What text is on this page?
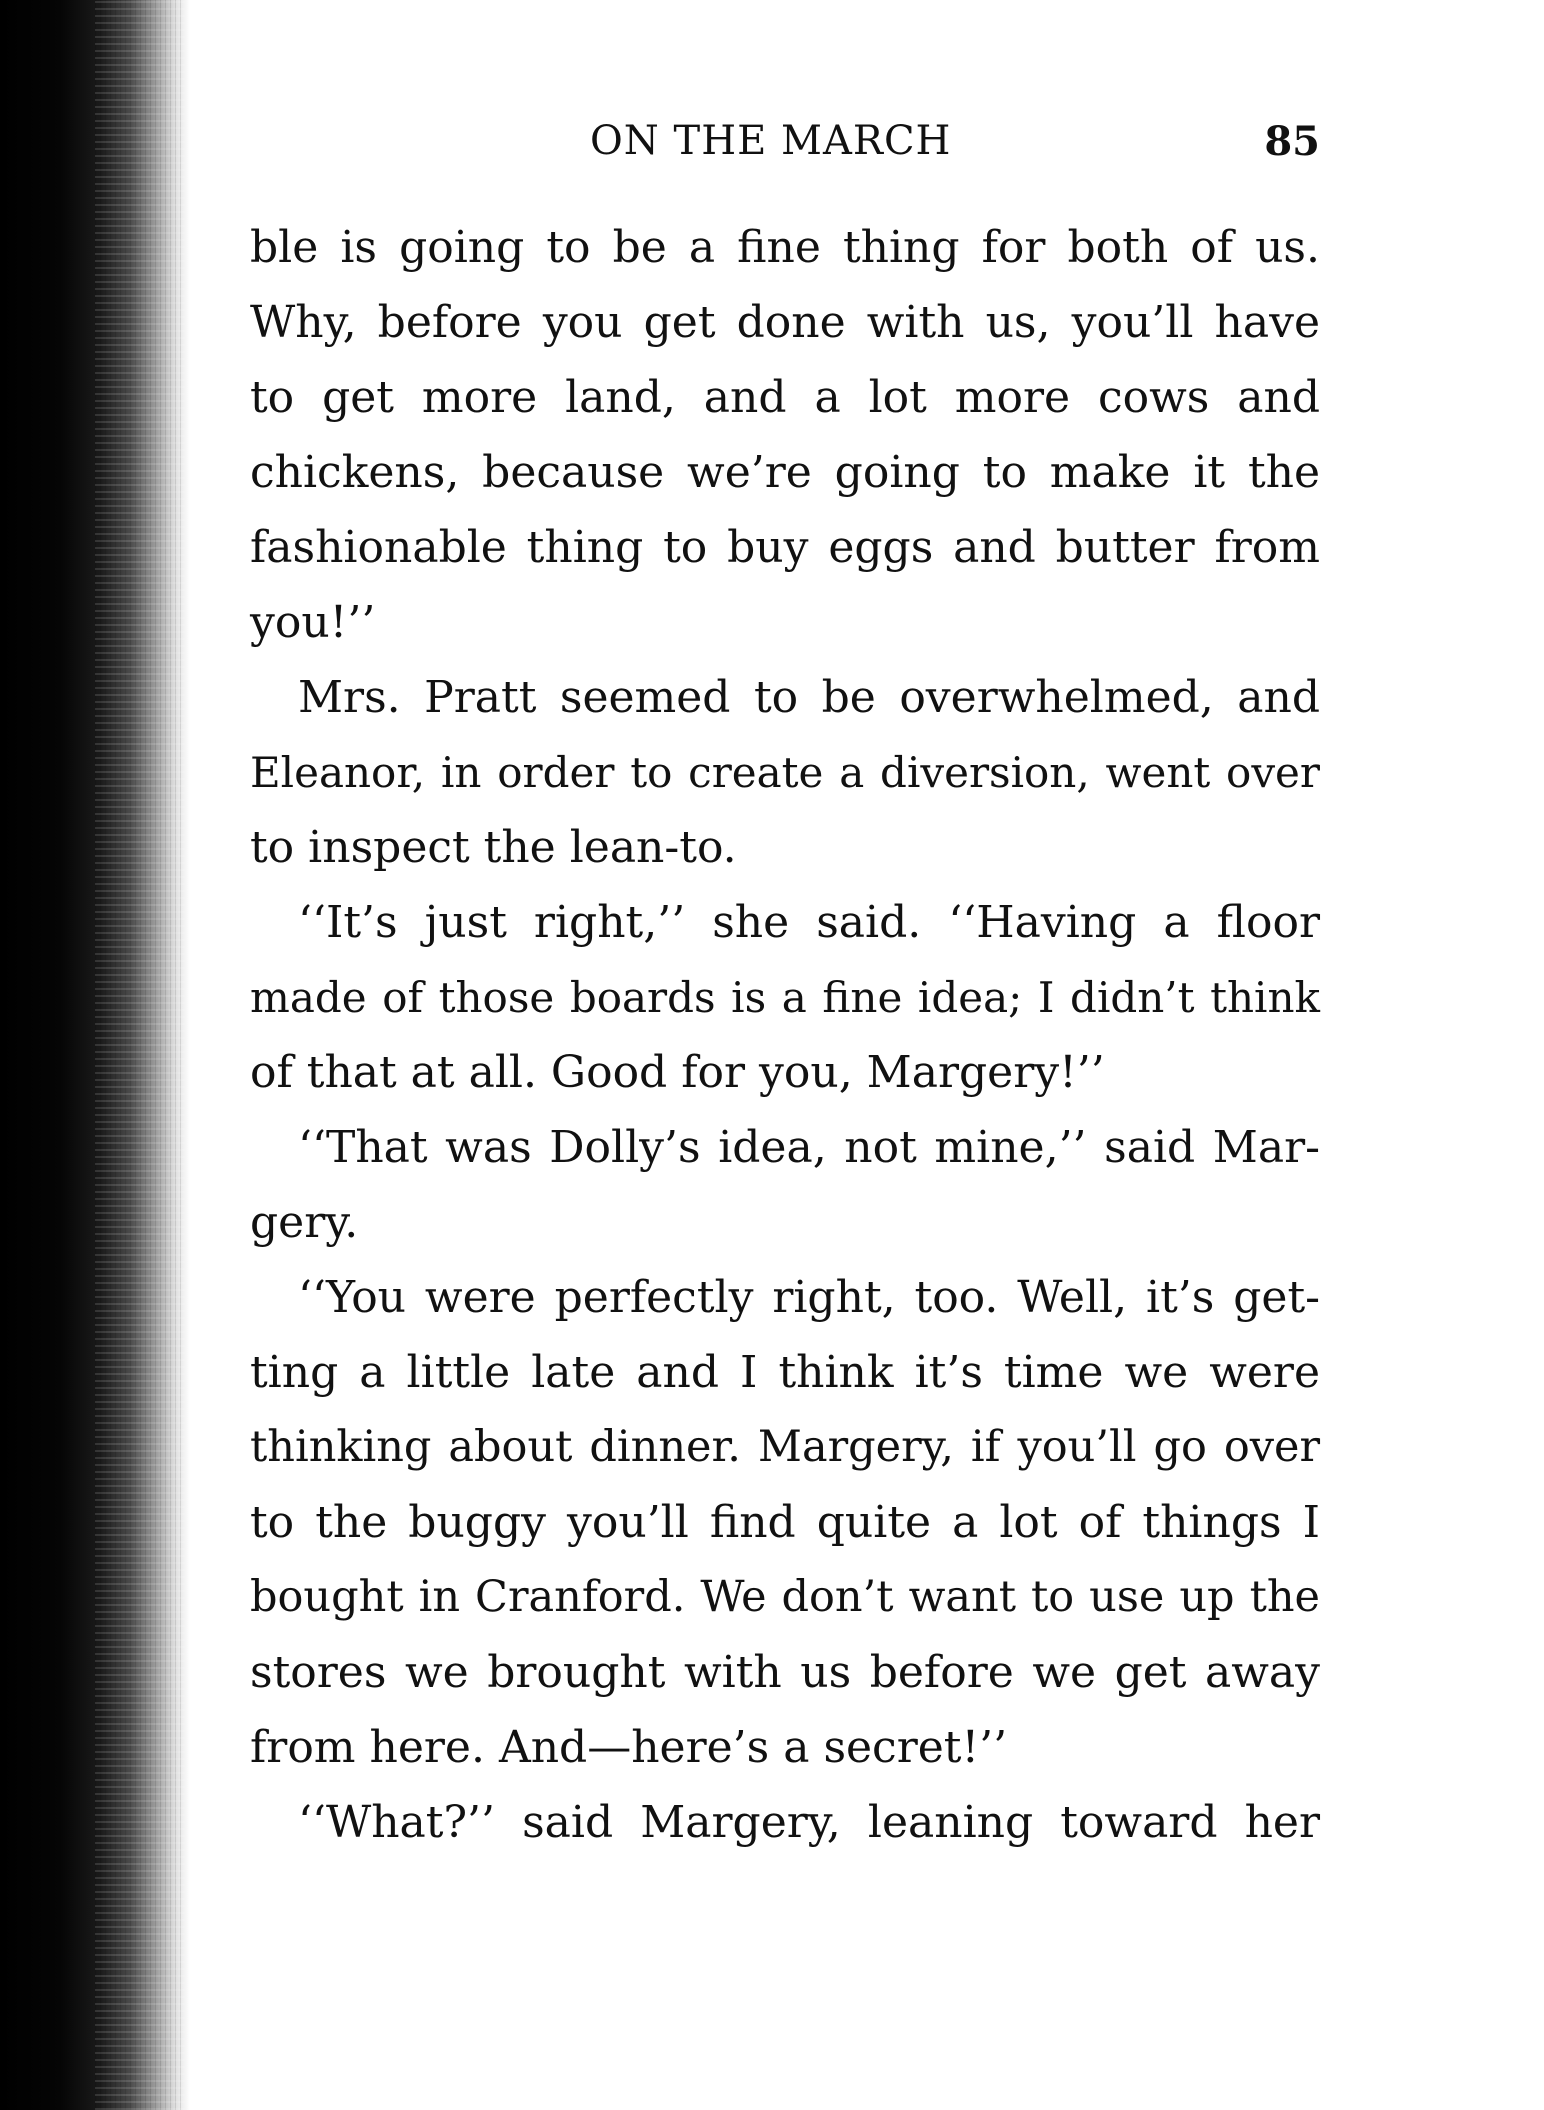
ON THE MARCH	85
ble is going to be a fine thing for both of us.
Why, before you get done with us, you’ll have
to get more land, and a lot more cows and
chickens, because we’re going to make it the
fashionable thing to buy eggs and butter from
you!’’
Mrs. Pratt seemed to be overwhelmed, and
Eleanor, in order to create a diversion, went over
to inspect the lean-to.
‘‘It’s just right,’’ she said. ‘‘Having a floor
made of those boards is a fine idea; I didn’t think
of that at all. Good for you, Margery!’’
‘‘That was Dolly’s idea, not mine,’’ said Mar-
gery.
‘‘You were perfectly right, too. Well, it’s get-
ting a little late and I think it’s time we were
thinking about dinner. Margery, if you’ll go over
to the buggy you’ll find quite a lot of things I
bought in Cranford. We don’t want to use up the
stores we brought with us before we get away
from here. And—here’s a secret!’’
‘‘What?’’ said Margery, leaning toward her
